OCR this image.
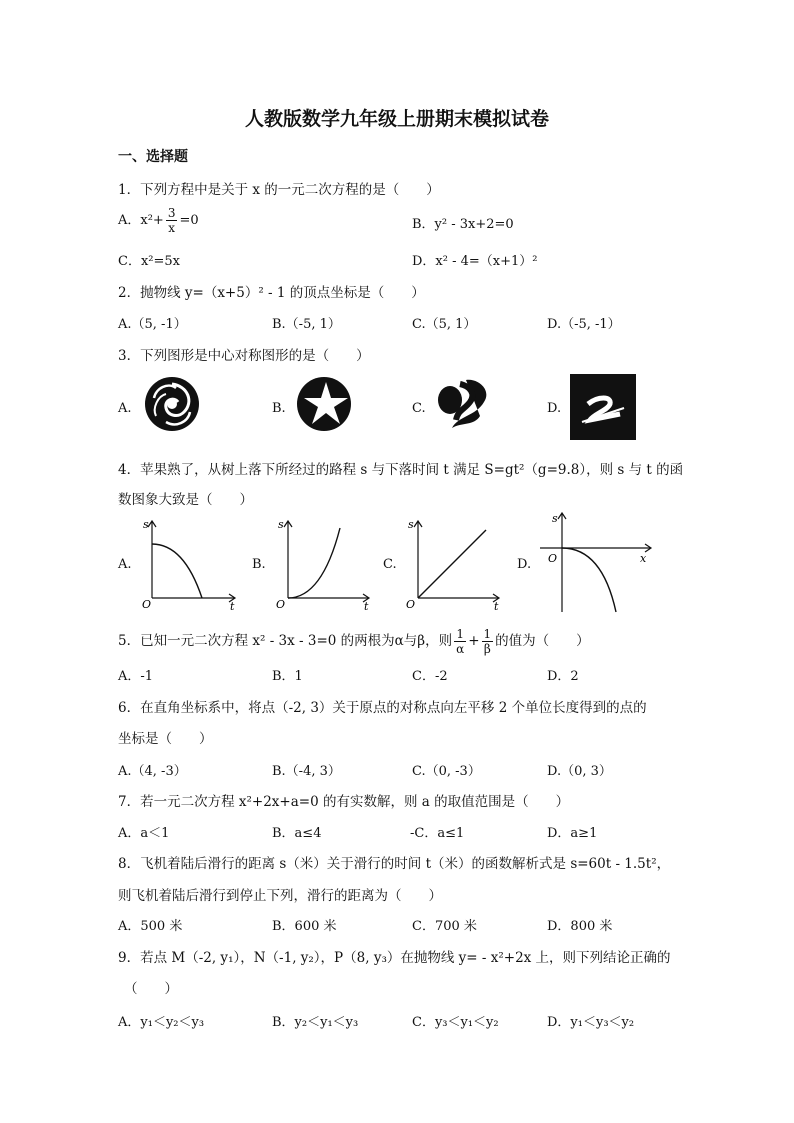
人教版数学九年级上册期末模拟试卷
一、选择题
1．下列方程中是关于 x 的一元二次方程的是（　　）
A．$x^2+ \frac{3}{x} =0$	B．y² - 3x+2=0
C．x²=5x	D．x² - 4=（x+1）²
2．抛物线 y=（x+5）² - 1 的顶点坐标是（　　）
A.（5, -1）	B.（-5, 1）	C.（5, 1）	D.（-5, -1）
3．下列图形是中心对称图形的是（　　）
A.	B.	C.	D.
4．苹果熟了，从树上落下所经过的路程 s 与下落时间 t 满足 S=gt²（g=9.8），则 s 与 t 的函
数图象大致是（　　）
A.	B.	C.	D.
s
t
O
s
t
O
s
t
O
s
x
O
5．已知一元二次方程 x² - 3x - 3=0 的两根为α与β，则 $\frac{1}{\alpha} + \frac{1}{\beta}$ 的值为（　　）
A．-1	B．1	C．-2	D．2
6．在直角坐标系中，将点（-2, 3）关于原点的对称点向左平移 2 个单位长度得到的点的
坐标是（　　）
A.（4, -3）	B.（-4, 3）	C.（0, -3）	D.（0, 3）
7．若一元二次方程 x²+2x+a=0 的有实数解，则 a 的取值范围是（　　）
A．a＜1	B．a≤4	-C．a≤1	D．a≥1
8．飞机着陆后滑行的距离 s（米）关于滑行的时间 t（米）的函数解析式是 s=60t - 1.5t²，
则飞机着陆后滑行到停止下列，滑行的距离为（　　）
A．500 米	B．600 米	C．700 米	D．800 米
9．若点 M（-2, y₁），N（-1, y₂），P（8, y₃）在抛物线 y= - x²+2x 上，则下列结论正确的
（　　）
A．y₁＜y₂＜y₃	B．y₂＜y₁＜y₃	C．y₃＜y₁＜y₂	D．y₁＜y₃＜y₂
